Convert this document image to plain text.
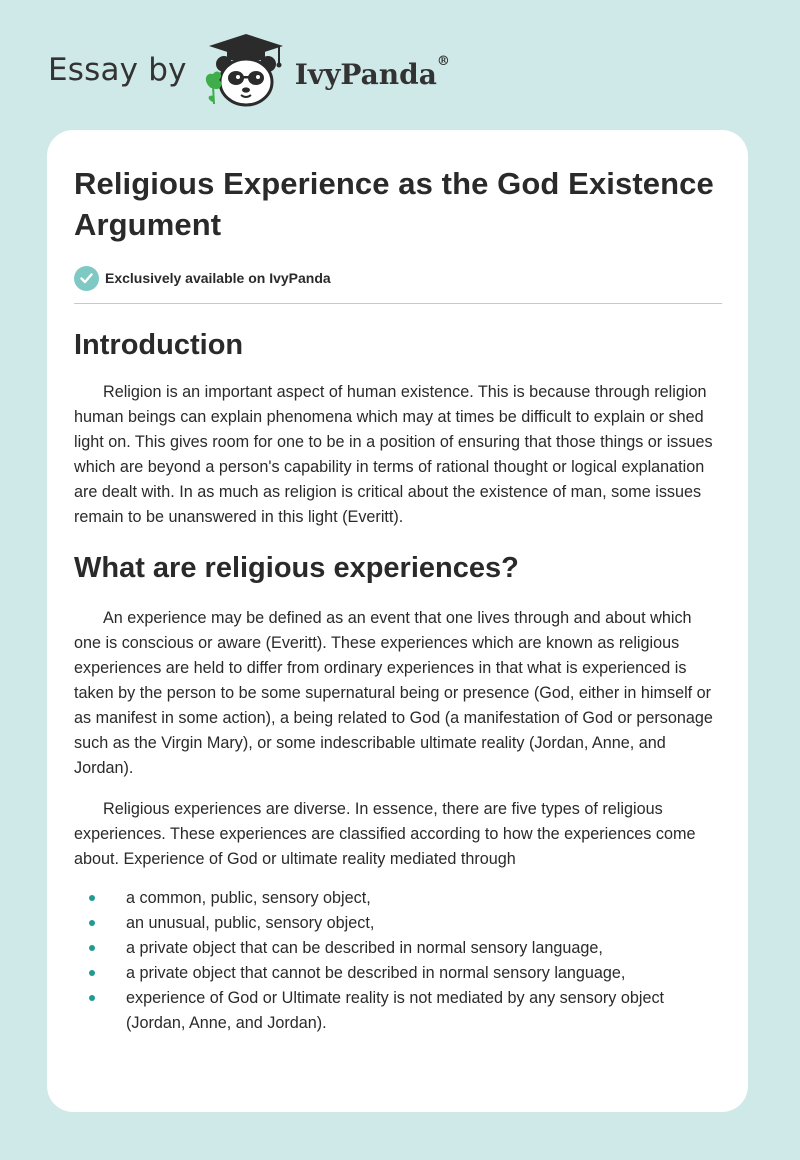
Essay by	IvyPanda®
Religious Experience as the God Existence Argument
Exclusively available on IvyPanda
Introduction

Religion is an important aspect of human existence. This is because through religion human beings can explain phenomena which may at times be difficult to explain or shed light on. This gives room for one to be in a position of ensuring that those things or issues which are beyond a person's capability in terms of rational thought or logical explanation are dealt with. In as much as religion is critical about the existence of man, some issues remain to be unanswered in this light (Everitt).

What are religious experiences?

An experience may be defined as an event that one lives through and about which one is conscious or aware (Everitt). These experiences which are known as religious experiences are held to differ from ordinary experiences in that what is experienced is taken by the person to be some supernatural being or presence (God, either in himself or as manifest in some action), a being related to God (a manifestation of God or personage such as the Virgin Mary), or some indescribable ultimate reality (Jordan, Anne, and Jordan).

Religious experiences are diverse. In essence, there are five types of religious experiences. These experiences are classified according to how the experiences come about. Experience of God or ultimate reality mediated through

a common, public, sensory object,
an unusual, public, sensory object,
a private object that can be described in normal sensory language,
a private object that cannot be described in normal sensory language,
experience of God or Ultimate reality is not mediated by any sensory object (Jordan, Anne, and Jordan).
